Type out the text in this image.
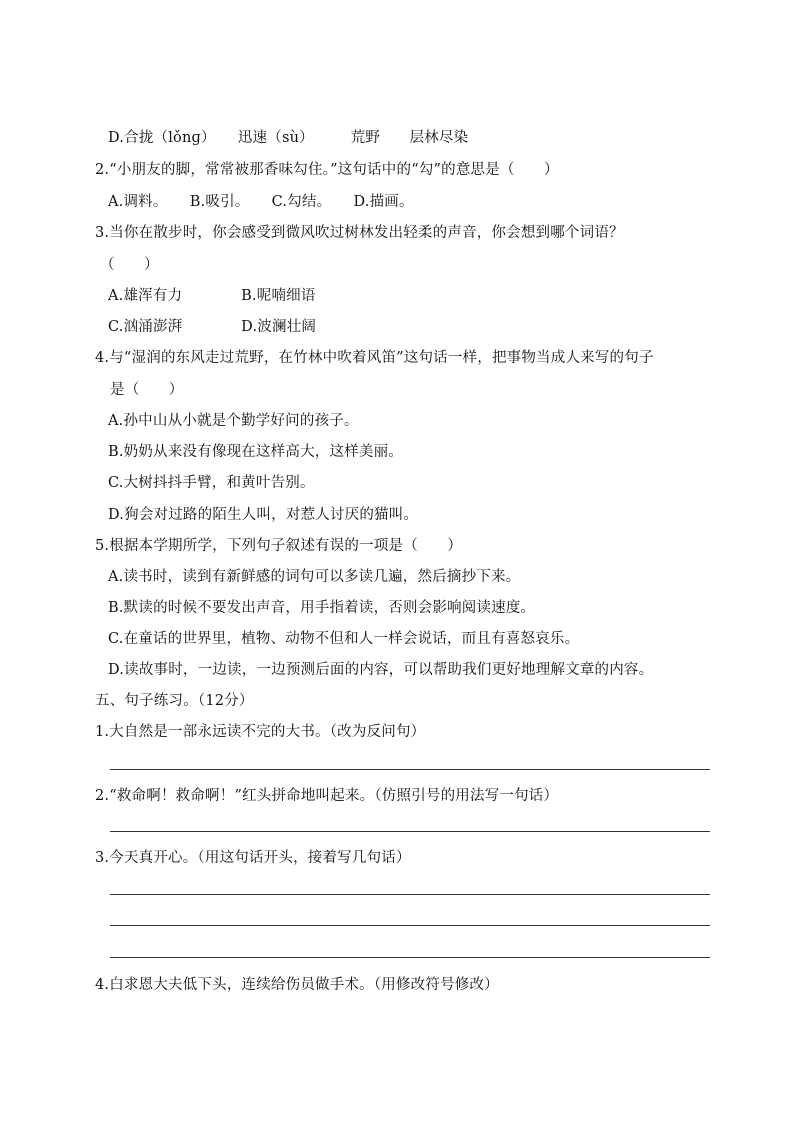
D.合拢（lǒnɡ）　　迅速（sù）　　　荒野　　层林尽染
2.“小朋友的脚，常常被那香味勾住。”这句话中的“勾”的意思是（　　）
A.调料。　　B.吸引。　　C.勾结。　　D.描画。
3.当你在散步时，你会感受到微风吹过树林发出轻柔的声音，你会想到哪个词语？
（　　）
A.雄浑有力　　　　B.呢喃细语
C.汹涌澎湃　　　　D.波澜壮阔
4.与“湿润的东风走过荒野，在竹林中吹着风笛”这句话一样，把事物当成人来写的句子
是（　　）
A.孙中山从小就是个勤学好问的孩子。
B.奶奶从来没有像现在这样高大，这样美丽。
C.大树抖抖手臂，和黄叶告别。
D.狗会对过路的陌生人叫，对惹人讨厌的猫叫。
5.根据本学期所学，下列句子叙述有误的一项是（　　）
A.读书时，读到有新鲜感的词句可以多读几遍，然后摘抄下来。
B.默读的时候不要发出声音，用手指着读，否则会影响阅读速度。
C.在童话的世界里，植物、动物不但和人一样会说话，而且有喜怒哀乐。
D.读故事时，一边读，一边预测后面的内容，可以帮助我们更好地理解文章的内容。
五、句子练习。（12分）
1.大自然是一部永远读不完的大书。（改为反问句）
2.“救命啊！救命啊！”红头拼命地叫起来。（仿照引号的用法写一句话）
3.今天真开心。（用这句话开头，接着写几句话）
4.白求恩大夫低下头，连续给伤员做手术。（用修改符号修改）
